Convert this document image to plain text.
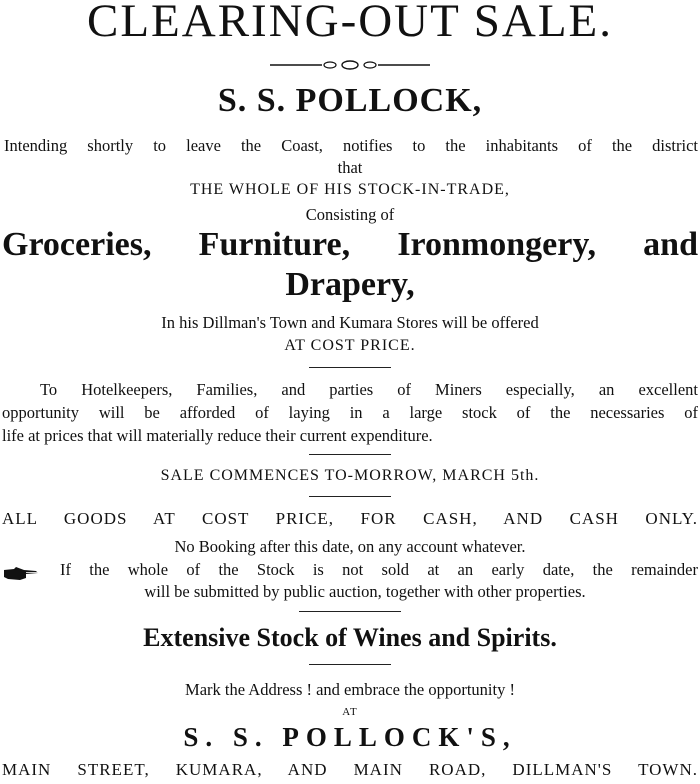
CLEARING-OUT SALE.
S. S. POLLOCK,
Intending shortly to leave the Coast, notifies to the inhabitants of the district
that
THE WHOLE OF HIS STOCK-IN-TRADE,
Consisting of
Groceries, Furniture, Ironmongery, and
Drapery,
In his Dillman's Town and Kumara Stores will be offered
AT COST PRICE.
To Hotelkeepers, Families, and parties of Miners especially, an excellent
opportunity will be afforded of laying in a large stock of the necessaries of
life at prices that will materially reduce their current expenditure.
SALE COMMENCES TO-MORROW, MARCH 5th.
ALL GOODS AT COST PRICE, FOR CASH, AND CASH ONLY.
No Booking after this date, on any account whatever.
If the whole of the Stock is not sold at an early date, the remainder
will be submitted by public auction, together with other properties.
Extensive Stock of Wines and Spirits.
Mark the Address ! and embrace the opportunity !
AT
S. S. POLLOCK'S,
MAIN STREET, KUMARA, AND MAIN ROAD, DILLMAN'S TOWN.
